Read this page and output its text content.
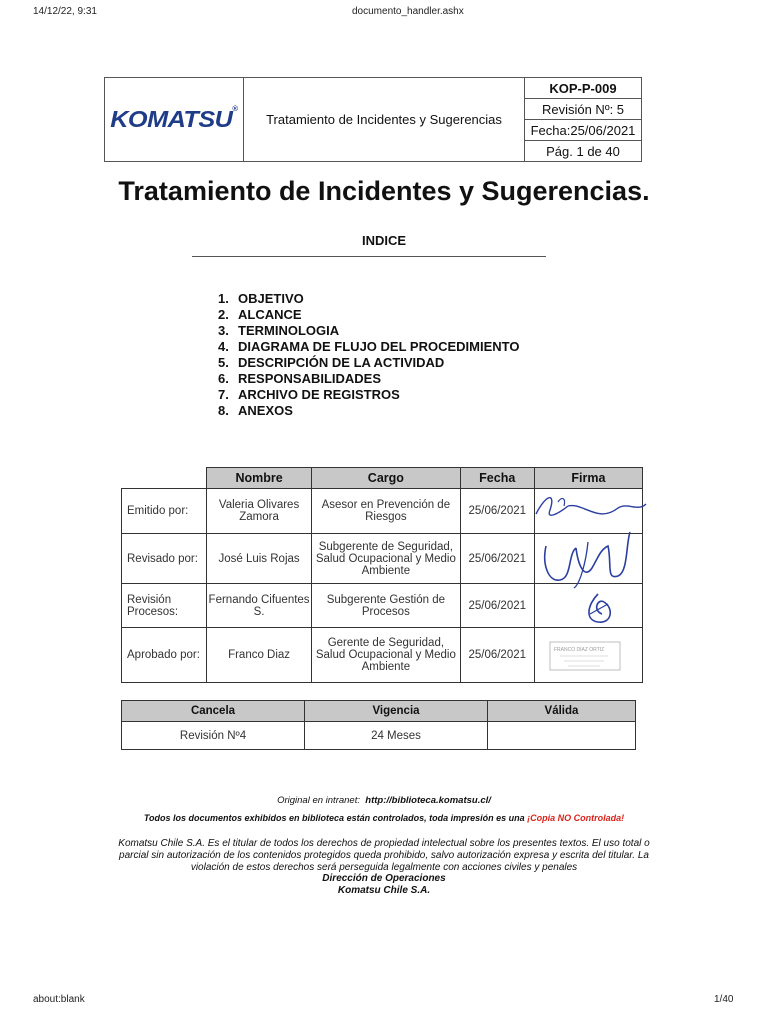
14/12/22, 9:31	documento_handler.ashx
about:blank	1/40
KOMATSU®	Tratamiento de Incidentes y Sugerencias	KOP-P-009
Revisión Nº: 5
Fecha:25/06/2021
Pág. 1 de 40
Tratamiento de Incidentes y Sugerencias.
INDICE
1. OBJETIVO
2. ALCANCE
3. TERMINOLOGIA
4. DIAGRAMA DE FLUJO DEL PROCEDIMIENTO
5. DESCRIPCIÓN DE LA ACTIVIDAD
6. RESPONSABILIDADES
7. ARCHIVO DE REGISTROS
8. ANEXOS
	Nombre	Cargo	Fecha	Firma
Emitido por:	Valeria Olivares Zamora	Asesor en Prevención de Riesgos	25/06/2021	
Revisado por:	José Luis Rojas	Subgerente de Seguridad, Salud Ocupacional y Medio Ambiente	25/06/2021	
Revisión Procesos:	Fernando Cifuentes S.	Subgerente Gestión de Procesos	25/06/2021	
Aprobado por:	Franco Diaz	Gerente de Seguridad, Salud Ocupacional y Medio Ambiente	25/06/2021		FRANCO DIAZ ORTIZ
Cancela	Vigencia	Válida
Revisión Nº4	24 Meses	
Original en intranet: http://biblioteca.komatsu.cl/
Todos los documentos exhibidos en biblioteca están controlados, toda impresión es una ¡Copia NO Controlada!
Komatsu Chile S.A. Es el titular de todos los derechos de propiedad intelectual sobre los presentes textos. El uso total o
parcial sin autorización de los contenidos protegidos queda prohibido, salvo autorización expresa y escrita del titular. La
violación de estos derechos será perseguida legalmente con acciones civiles y penales
Dirección de Operaciones
Komatsu Chile S.A.
